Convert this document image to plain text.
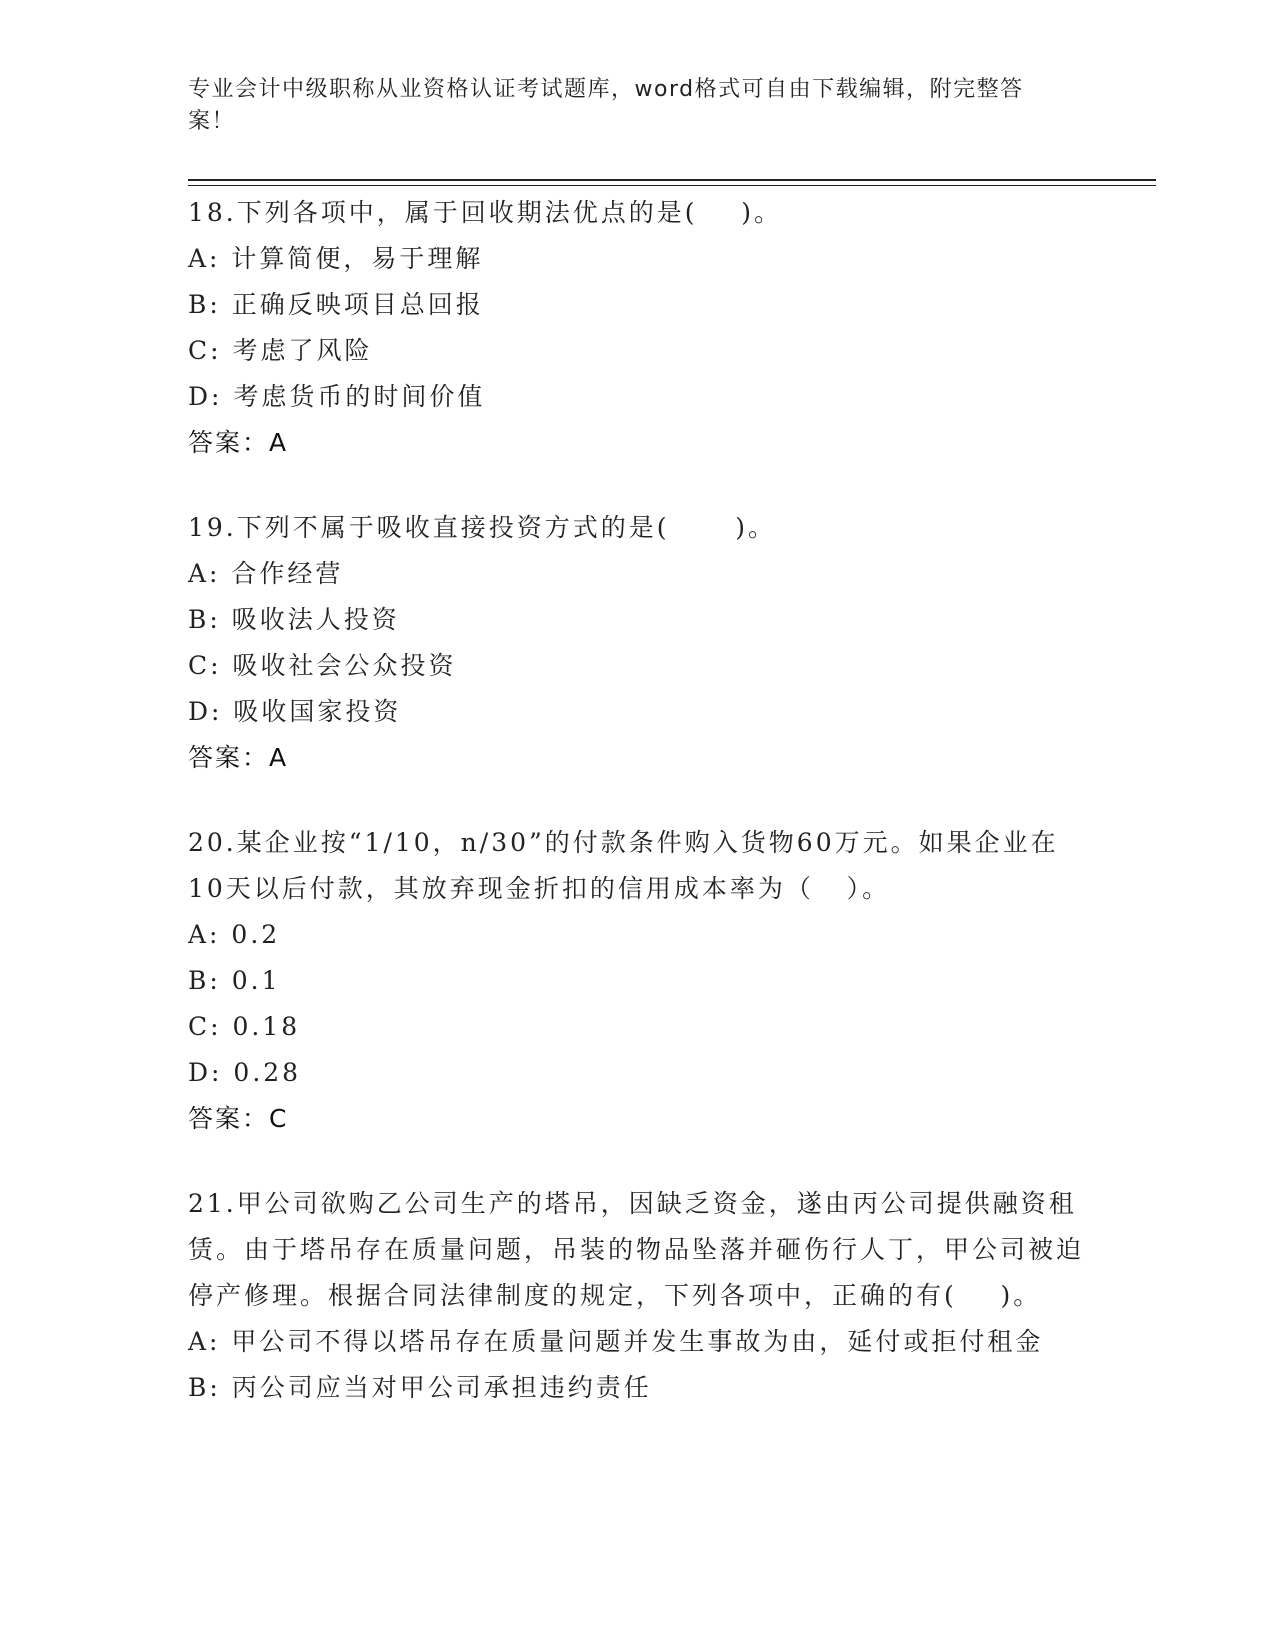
专业会计中级职称从业资格认证考试题库，word格式可自由下载编辑，附完整答案！

18.下列各项中，属于回收期法优点的是(    )。

A: 计算简便，易于理解

B: 正确反映项目总回报

C: 考虑了风险

D: 考虑货币的时间价值

答案：A

19.下列不属于吸收直接投资方式的是(      )。

A: 合作经营

B: 吸收法人投资

C: 吸收社会公众投资

D: 吸收国家投资

答案：A

20.某企业按“1/10，n/30”的付款条件购入货物60万元。如果企业在10天以后付款，其放弃现金折扣的信用成本率为（   ）。

A: 0.2

B: 0.1

C: 0.18

D: 0.28

答案：C

21.甲公司欲购乙公司生产的塔吊，因缺乏资金，遂由丙公司提供融资租赁。由于塔吊存在质量问题，吊装的物品坠落并砸伤行人丁，甲公司被迫停产修理。根据合同法律制度的规定，下列各项中，正确的有(    )。

A: 甲公司不得以塔吊存在质量问题并发生事故为由，延付或拒付租金

B: 丙公司应当对甲公司承担违约责任
